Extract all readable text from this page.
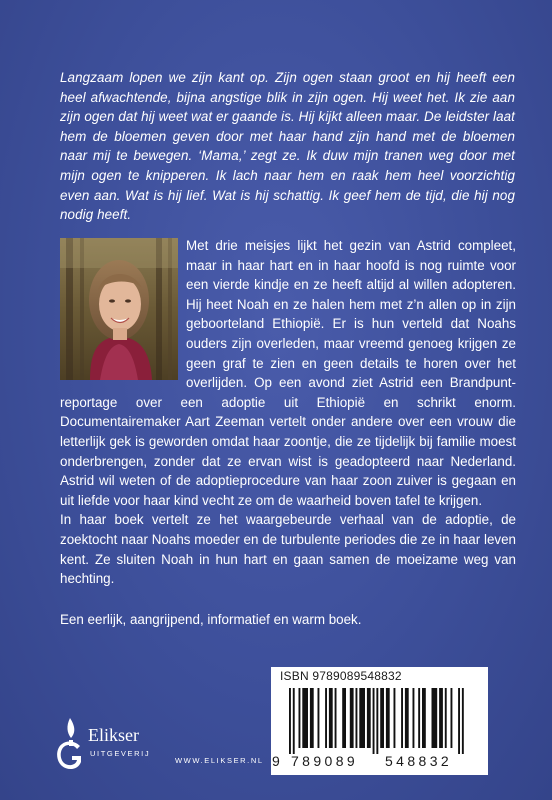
Langzaam lopen we zijn kant op. Zijn ogen staan groot en hij heeft een heel afwachtende, bijna angstige blik in zijn ogen. Hij weet het. Ik zie aan zijn ogen dat hij weet wat er gaande is. Hij kijkt alleen maar. De leidster laat hem de bloemen geven door met haar hand zijn hand met de bloemen naar mij te bewegen. ‘Mama,’ zegt ze. Ik duw mijn tranen weg door met mijn ogen te knipperen. Ik lach naar hem en raak hem heel voorzichtig even aan. Wat is hij lief. Wat is hij schattig. Ik geef hem de tijd, die hij nog nodig heeft.

Met drie meisjes lijkt het gezin van Astrid compleet, maar in haar hart en in haar hoofd is nog ruimte voor een vierde kindje en ze heeft altijd al willen adopteren. Hij heet Noah en ze halen hem met z’n allen op in zijn geboorteland Ethiopië. Er is hun verteld dat Noahs ouders zijn overleden, maar vreemd genoeg krijgen ze geen graf te zien en geen details te horen over het overlijden. Op een avond ziet Astrid een Brandpunt-reportage over een adoptie uit Ethiopië en schrikt enorm. Documentairemaker Aart Zeeman vertelt onder andere over een vrouw die letterlijk gek is geworden omdat haar zoontje, die ze tijdelijk bij familie moest onderbrengen, zonder dat ze ervan wist is geadopteerd naar Nederland. Astrid wil weten of de adoptieprocedure van haar zoon zuiver is gegaan en uit liefde voor haar kind vecht ze om de waarheid boven tafel te krijgen.

In haar boek vertelt ze het waargebeurde verhaal van de adoptie, de zoektocht naar Noahs moeder en de turbulente periodes die ze in haar leven kent. Ze sluiten Noah in hun hart en gaan samen de moeizame weg van hechting.

Een eerlijk, aangrijpend, informatief en warm boek.
Elikser
UITGEVERIJ
WWW.ELIKSER.NL
ISBN 9789089548832
9 789089 548832
